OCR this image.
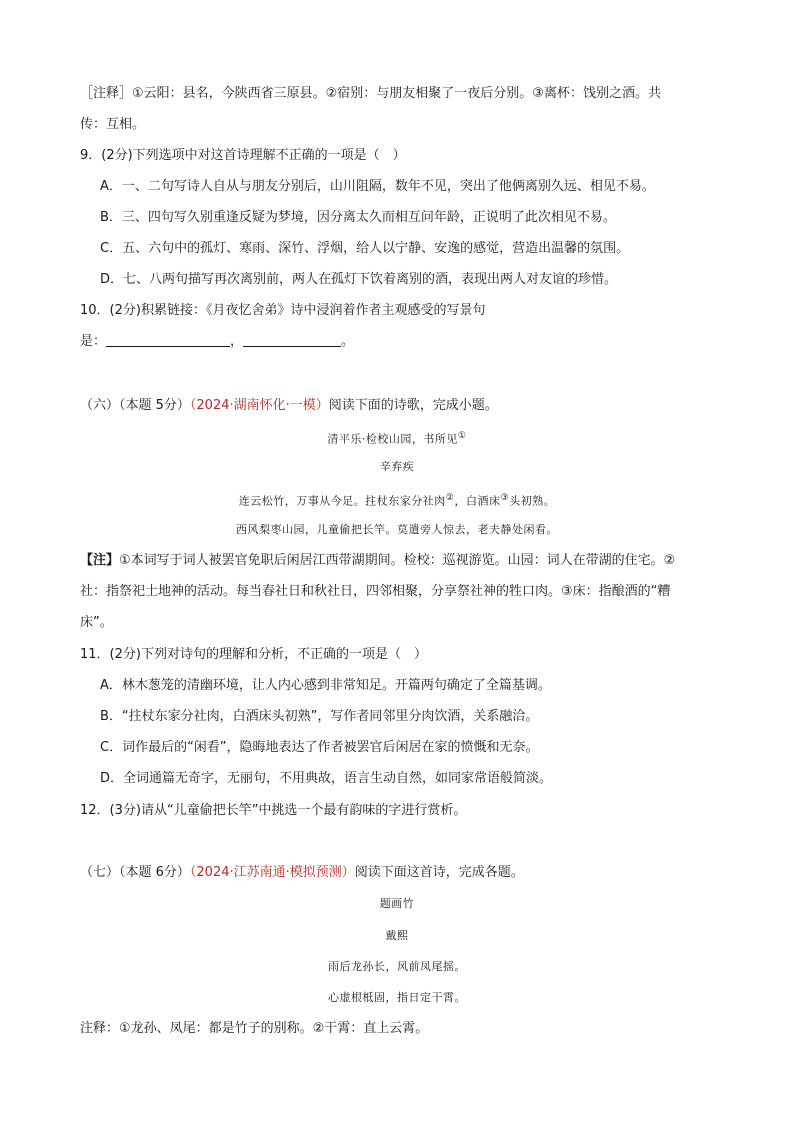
［注释］①云阳：县名，今陕西省三原县。②宿别：与朋友相聚了一夜后分别。③离杯：饯别之酒。共
传：互相。
9．(2分)下列选项中对这首诗理解不正确的一项是（　）
A．一、二句写诗人自从与朋友分别后，山川阻隔，数年不见，突出了他俩离别久远、相见不易。
B．三、四句写久别重逢反疑为梦境，因分离太久而相互问年龄，正说明了此次相见不易。
C．五、六句中的孤灯、寒雨、深竹、浮烟，给人以宁静、安逸的感觉，营造出温馨的氛围。
D．七、八两句描写再次离别前，两人在孤灯下饮着离别的酒，表现出两人对友谊的珍惜。
10．(2分)积累链接：《月夜忆舍弟》诗中浸润着作者主观感受的写景句
是：	，	。
（六）（本题 5分）（2024·湖南怀化·一模）阅读下面的诗歌，完成小题。
清平乐·检校山园，书所见①
辛弃疾
连云松竹，万事从今足。拄杖东家分社肉②，白酒床③头初熟。
西风梨枣山园，儿童偷把长竿。莫遣旁人惊去，老夫静处闲看。
【注】①本词写于词人被罢官免职后闲居江西带湖期间。检校：巡视游览。山园：词人在带湖的住宅。②
社：指祭祀土地神的活动。每当春社日和秋社日，四邻相聚，分享祭社神的牲口肉。③床：指酿酒的“糟
床”。
11．(2分)下列对诗句的理解和分析，不正确的一项是（　）
A．林木葱笼的清幽环境，让人内心感到非常知足。开篇两句确定了全篇基调。
B．“拄杖东家分社肉，白酒床头初熟”，写作者同邻里分肉饮酒，关系融洽。
C．词作最后的“闲看”，隐晦地表达了作者被罢官后闲居在家的愤慨和无奈。
D．全词通篇无奇字，无丽句，不用典故，语言生动自然，如同家常语般简淡。
12．(3分)请从“儿童偷把长竿”中挑选一个最有韵味的字进行赏析。
（七）（本题 6分）（2024·江苏南通·模拟预测）阅读下面这首诗，完成各题。
题画竹
戴熙
雨后龙孙长，风前凤尾摇。
心虚根柢固，指日定干霄。
注释：①龙孙、凤尾：都是竹子的别称。②干霄：直上云霄。
